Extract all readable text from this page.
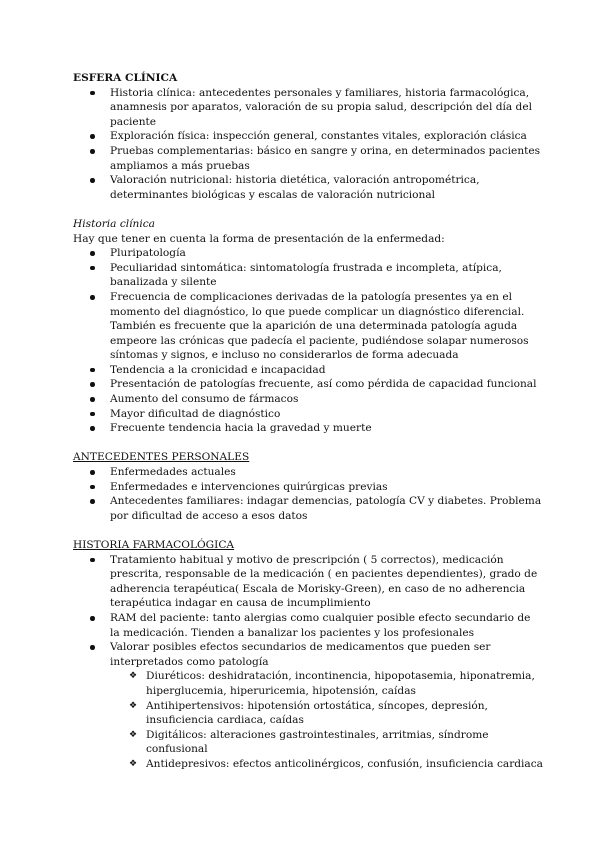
ESFERA CLÍNICA

Historia clínica: antecedentes personales y familiares, historia farmacológica, anamnesis por aparatos, valoración de su propia salud, descripción del día del paciente
Exploración física: inspección general, constantes vitales, exploración clásica
Pruebas complementarias: básico en sangre y orina, en determinados pacientes ampliamos a más pruebas
Valoración nutricional: historia dietética, valoración antropométrica, determinantes biológicas y escalas de valoración nutricional

Historia clínica

Hay que tener en cuenta la forma de presentación de la enfermedad:

Pluripatología
Peculiaridad sintomática: sintomatología frustrada e incompleta, atípica, banalizada y silente
Frecuencia de complicaciones derivadas de la patología presentes ya en el momento del diagnóstico, lo que puede complicar un diagnóstico diferencial. También es frecuente que la aparición de una determinada patología aguda empeore las crónicas que padecía el paciente, pudiéndose solapar numerosos síntomas y signos, e incluso no considerarlos de forma adecuada
Tendencia a la cronicidad e incapacidad
Presentación de patologías frecuente, así como pérdida de capacidad funcional
Aumento del consumo de fármacos
Mayor dificultad de diagnóstico
Frecuente tendencia hacia la gravedad y muerte

ANTECEDENTES PERSONALES

Enfermedades actuales
Enfermedades e intervenciones quirúrgicas previas
Antecedentes familiares: indagar demencias, patología CV y diabetes. Problema por dificultad de acceso a esos datos

HISTORIA FARMACOLÓGICA

Tratamiento habitual y motivo de prescripción ( 5 correctos), medicación prescrita, responsable de la medicación ( en pacientes dependientes), grado de adherencia terapéutica( Escala de Morisky-Green), en caso de no adherencia terapéutica indagar en causa de incumplimiento
RAM del paciente: tanto alergias como cualquier posible efecto secundario de la medicación. Tienden a banalizar los pacientes y los profesionales
Valorar posibles efectos secundarios de medicamentos que pueden ser interpretados como patología
❖ Diuréticos: deshidratación, incontinencia, hipopotasemia, hiponatremia, hiperglucemia, hiperuricemia, hipotensión, caídas
❖ Antihipertensivos: hipotensión ortostática, síncopes, depresión, insuficiencia cardiaca, caídas
❖ Digitálicos: alteraciones gastrointestinales, arritmias, síndrome confusional
❖ Antidepresivos: efectos anticolinérgicos, confusión, insuficiencia cardiaca
